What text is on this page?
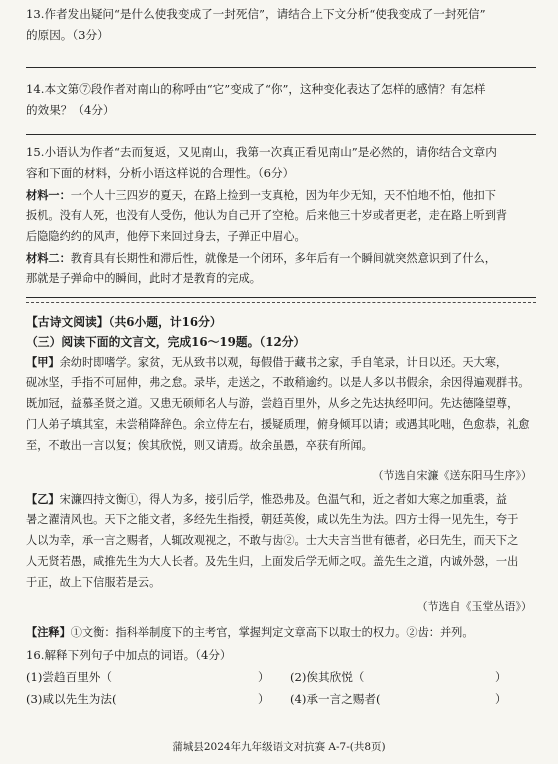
13.作者发出疑问“是什么使我变成了一封死信”，请结合上下文分析“使我变成了一封死信”
的原因。（3分）
14.本文第⑦段作者对南山的称呼由“它”变成了“你”，这种变化表达了怎样的感情？有怎样
的效果？（4分）
15.小语认为作者“去而复返，又见南山，我第一次真正看见南山”是必然的，请你结合文章内
容和下面的材料，分析小语这样说的合理性。（6分）
材料一：一个人十三四岁的夏天，在路上捡到一支真枪，因为年少无知，天不怕地不怕，他扣下
扳机。没有人死，也没有人受伤，他认为自己开了空枪。后来他三十岁或者更老，走在路上听到背
后隐隐约约的风声，他停下来回过身去，子弹正中眉心。
材料二：教育具有长期性和滞后性，就像是一个闭环，多年后有一个瞬间就突然意识到了什么，
那就是子弹命中的瞬间，此时才是教育的完成。
【古诗文阅读】（共6小题，计16分）
（三）阅读下面的文言文，完成16～19题。（12分）
【甲】余幼时即嗜学。家贫，无从致书以观，每假借于藏书之家，手自笔录，计日以还。天大寒，
砚冰坚，手指不可屈伸，弗之怠。录毕，走送之，不敢稍逾约。以是人多以书假余，余因得遍观群书。
既加冠，益慕圣贤之道。又患无硕师名人与游，尝趋百里外，从乡之先达执经叩问。先达德隆望尊，
门人弟子填其室，未尝稍降辞色。余立侍左右，援疑质理，俯身倾耳以请；或遇其叱咄，色愈恭，礼愈
至，不敢出一言以复；俟其欣悦，则又请焉。故余虽愚，卒获有所闻。
（节选自宋濂《送东阳马生序》）
【乙】宋濂四持文衡①，得人为多，接引后学，惟恐弗及。色温气和，近之者如大寒之加重裘，益
暑之濯清风也。天下之能文者，多经先生指授，朝廷英俊，咸以先生为法。四方士得一见先生，夸于
人以为幸，承一言之赐者，人辄改观视之，不敢与齿②。士大夫言当世有德者，必曰先生，而天下之
人无贤若愚，咸推先生为大人长者。及先生归，上面发后学无师之叹。盖先生之道，内诚外愨，一出
于正，故上下信服若是云。
（节选自《玉堂丛语》）
【注释】①文衡：指科举制度下的主考官，掌握判定文章高下以取士的权力。②齿：并列。
16.解释下列句子中加点的词语。（4分）
(1)尝趋百里外（	） (2)俟其欣悦（	）
(3)咸以先生为法(	） (4)承一言之赐者(	）
蒲城县2024年九年级语文对抗赛 A-7-(共8页)
